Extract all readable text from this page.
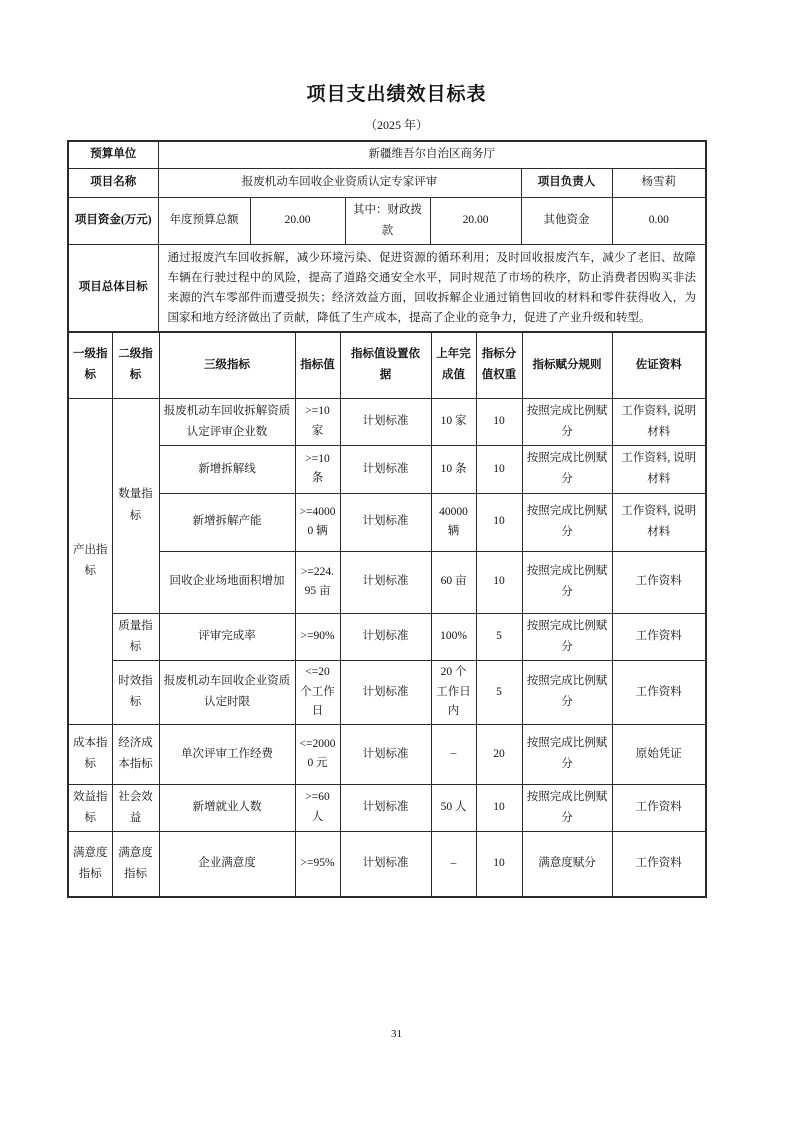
项目支出绩效目标表
（2025 年）
预算单位	新疆维吾尔自治区商务厅					
项目名称	报废机动车回收企业资质认定专家评审				项目负责人	杨雪莉
项目资金(万元)	年度预算总额	20.00	其中：财政拨款	20.00	其他资金	0.00
项目总体目标	通过报废汽车回收拆解，减少环境污染、促进资源的循环利用；及时回收报废汽车，减少了老旧、故障车辆在行驶过程中的风险，提高了道路交通安全水平，同时规范了市场的秩序，防止消费者因购买非法来源的汽车零部件而遭受损失；经济效益方面，回收拆解企业通过销售回收的材料和零件获得收入，为国家和地方经济做出了贡献，降低了生产成本，提高了企业的竞争力，促进了产业升级和转型。					
一级指标	二级指标	三级指标	指标值	指标值设置依据	上年完成值	指标分值权重	指标赋分规则	佐证资料
产出指标	数量指标	报废机动车回收拆解资质认定评审企业数	>=10 家	计划标准	10 家	10	按照完成比例赋分	工作资料, 说明材料
		新增拆解线	>=10 条	计划标准	10 条	10	按照完成比例赋分	工作资料, 说明材料
		新增拆解产能	>=40000 辆	计划标准	40000 辆	10	按照完成比例赋分	工作资料, 说明材料
		回收企业场地面积增加	>=224.95 亩	计划标准	60 亩	10	按照完成比例赋分	工作资料
	质量指标	评审完成率	>=90%	计划标准	100%	5	按照完成比例赋分	工作资料
	时效指标	报废机动车回收企业资质认定时限	<=20 个工作日	计划标准	20 个工作日内	5	按照完成比例赋分	工作资料
成本指标	经济成本指标	单次评审工作经费	<=20000 元	计划标准	–	20	按照完成比例赋分	原始凭证
效益指标	社会效益	新增就业人数	>=60 人	计划标准	50 人	10	按照完成比例赋分	工作资料
满意度指标	满意度指标	企业满意度	>=95%	计划标准	–	10	满意度赋分	工作资料
31
